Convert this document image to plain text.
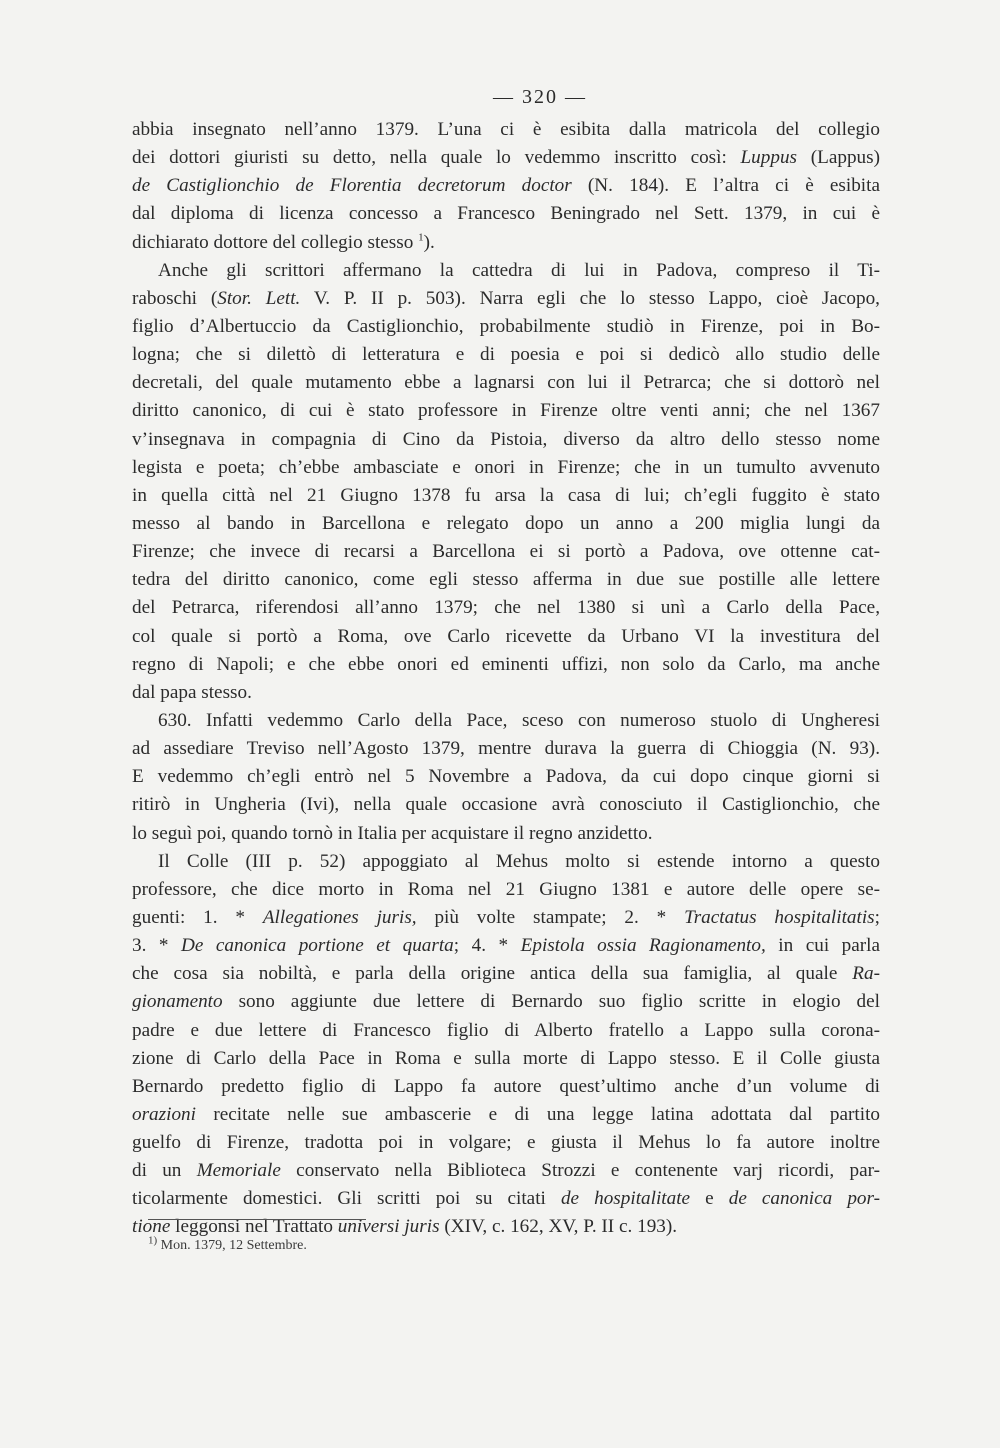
— 320 —
abbia insegnato nell’anno 1379. L’una ci è esibita dalla matricola del collegio
dei dottori giuristi su detto, nella quale lo vedemmo inscritto così: Luppus (Lappus)
de Castiglionchio de Florentia decretorum doctor (N. 184). E l’altra ci è esibita
dal diploma di licenza concesso a Francesco Beningrado nel Sett. 1379, in cui è
dichiarato dottore del collegio stesso $^1$).
Anche gli scrittori affermano la cattedra di lui in Padova, compreso il Ti-
raboschi (Stor. Lett. V. P. II p. 503). Narra egli che lo stesso Lappo, cioè Jacopo,
figlio d’Albertuccio da Castiglionchio, probabilmente studiò in Firenze, poi in Bo-
logna; che si dilettò di letteratura e di poesia e poi si dedicò allo studio delle
decretali, del quale mutamento ebbe a lagnarsi con lui il Petrarca; che si dottorò nel
diritto canonico, di cui è stato professore in Firenze oltre venti anni; che nel 1367
v’insegnava in compagnia di Cino da Pistoia, diverso da altro dello stesso nome
legista e poeta; ch’ebbe ambasciate e onori in Firenze; che in un tumulto avvenuto
in quella città nel 21 Giugno 1378 fu arsa la casa di lui; ch’egli fuggito è stato
messo al bando in Barcellona e relegato dopo un anno a 200 miglia lungi da
Firenze; che invece di recarsi a Barcellona ei si portò a Padova, ove ottenne cat-
tedra del diritto canonico, come egli stesso afferma in due sue postille alle lettere
del Petrarca, riferendosi all’anno 1379; che nel 1380 si unì a Carlo della Pace,
col quale si portò a Roma, ove Carlo ricevette da Urbano VI la investitura del
regno di Napoli; e che ebbe onori ed eminenti uffizi, non solo da Carlo, ma anche
dal papa stesso.
630. Infatti vedemmo Carlo della Pace, sceso con numeroso stuolo di Ungheresi
ad assediare Treviso nell’Agosto 1379, mentre durava la guerra di Chioggia (N. 93).
E vedemmo ch’egli entrò nel 5 Novembre a Padova, da cui dopo cinque giorni si
ritirò in Ungheria (Ivi), nella quale occasione avrà conosciuto il Castiglionchio, che
lo seguì poi, quando tornò in Italia per acquistare il regno anzidetto.
Il Colle (III p. 52) appoggiato al Mehus molto si estende intorno a questo
professore, che dice morto in Roma nel 21 Giugno 1381 e autore delle opere se-
guenti: 1. * Allegationes juris, più volte stampate; 2. * Tractatus hospitalitatis;
3. * De canonica portione et quarta; 4. * Epistola ossia Ragionamento, in cui parla
che cosa sia nobiltà, e parla della origine antica della sua famiglia, al quale Ra-
gionamento sono aggiunte due lettere di Bernardo suo figlio scritte in elogio del
padre e due lettere di Francesco figlio di Alberto fratello a Lappo sulla corona-
zione di Carlo della Pace in Roma e sulla morte di Lappo stesso. E il Colle giusta
Bernardo predetto figlio di Lappo fa autore quest’ultimo anche d’un volume di
orazioni recitate nelle sue ambascerie e di una legge latina adottata dal partito
guelfo di Firenze, tradotta poi in volgare; e giusta il Mehus lo fa autore inoltre
di un Memoriale conservato nella Biblioteca Strozzi e contenente varj ricordi, par-
ticolarmente domestici. Gli scritti poi su citati de hospitalitate e de canonica por-
tione leggonsi nel Trattato universi juris (XIV, c. 162, XV, P. II c. 193).
$^{1)}$ Mon. 1379, 12 Settembre.
